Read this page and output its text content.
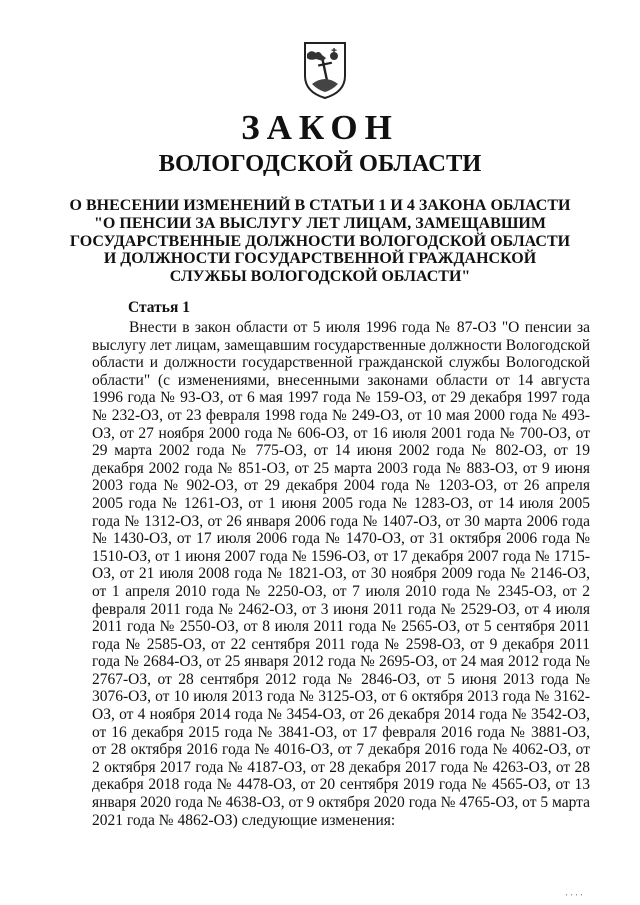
ЗАКОН
ВОЛОГОДСКОЙ ОБЛАСТИ
О ВНЕСЕНИИ ИЗМЕНЕНИЙ В СТАТЬИ 1 И 4 ЗАКОНА ОБЛАСТИ
"О ПЕНСИИ ЗА ВЫСЛУГУ ЛЕТ ЛИЦАМ, ЗАМЕЩАВШИМ
ГОСУДАРСТВЕННЫЕ ДОЛЖНОСТИ ВОЛОГОДСКОЙ ОБЛАСТИ
И ДОЛЖНОСТИ ГОСУДАРСТВЕННОЙ ГРАЖДАНСКОЙ
СЛУЖБЫ ВОЛОГОДСКОЙ ОБЛАСТИ"
Статья 1

Внести в закон области от 5 июля 1996 года № 87-ОЗ "О пенсии за выслугу лет лицам, замещавшим государственные должности Вологодской области и должности государственной гражданской службы Вологодской области" (с изменениями, внесенными законами области от 14 августа 1996 года № 93-ОЗ, от 6 мая 1997 года № 159-ОЗ, от 29 декабря 1997 года № 232-ОЗ, от 23 февраля 1998 года № 249-ОЗ, от 10 мая 2000 года № 493-ОЗ, от 27 ноября 2000 года № 606-ОЗ, от 16 июля 2001 года № 700-ОЗ, от 29 марта 2002 года № 775-ОЗ, от 14 июня 2002 года № 802-ОЗ, от 19 декабря 2002 года № 851-ОЗ, от 25 марта 2003 года № 883-ОЗ, от 9 июня 2003 года № 902-ОЗ, от 29 декабря 2004 года № 1203-ОЗ, от 26 апреля 2005 года № 1261-ОЗ, от 1 июня 2005 года № 1283-ОЗ, от 14 июля 2005 года № 1312-ОЗ, от 26 января 2006 года № 1407-ОЗ, от 30 марта 2006 года № 1430-ОЗ, от 17 июля 2006 года № 1470-ОЗ, от 31 октября 2006 года № 1510-ОЗ, от 1 июня 2007 года № 1596-ОЗ, от 17 декабря 2007 года № 1715-ОЗ, от 21 июля 2008 года № 1821-ОЗ, от 30 ноября 2009 года № 2146-ОЗ, от 1 апреля 2010 года № 2250-ОЗ, от 7 июля 2010 года № 2345-ОЗ, от 2 февраля 2011 года № 2462-ОЗ, от 3 июня 2011 года № 2529-ОЗ, от 4 июля 2011 года № 2550-ОЗ, от 8 июля 2011 года № 2565-ОЗ, от 5 сентября 2011 года № 2585-ОЗ, от 22 сентября 2011 года № 2598-ОЗ, от 9 декабря 2011 года № 2684-ОЗ, от 25 января 2012 года № 2695-ОЗ, от 24 мая 2012 года № 2767-ОЗ, от 28 сентября 2012 года № 2846-ОЗ, от 5 июня 2013 года № 3076-ОЗ, от 10 июля 2013 года № 3125-ОЗ, от 6 октября 2013 года № 3162-ОЗ, от 4 ноября 2014 года № 3454-ОЗ, от 26 декабря 2014 года № 3542-ОЗ, от 16 декабря 2015 года № 3841-ОЗ, от 17 февраля 2016 года № 3881-ОЗ, от 28 октября 2016 года № 4016-ОЗ, от 7 декабря 2016 года № 4062-ОЗ, от 2 октября 2017 года № 4187-ОЗ, от 28 декабря 2017 года № 4263-ОЗ, от 28 декабря 2018 года № 4478-ОЗ, от 20 сентября 2019 года № 4565-ОЗ, от 13 января 2020 года № 4638-ОЗ, от 9 октября 2020 года № 4765-ОЗ, от 5 марта 2021 года № 4862-ОЗ) следующие изменения:

' ' ' '
